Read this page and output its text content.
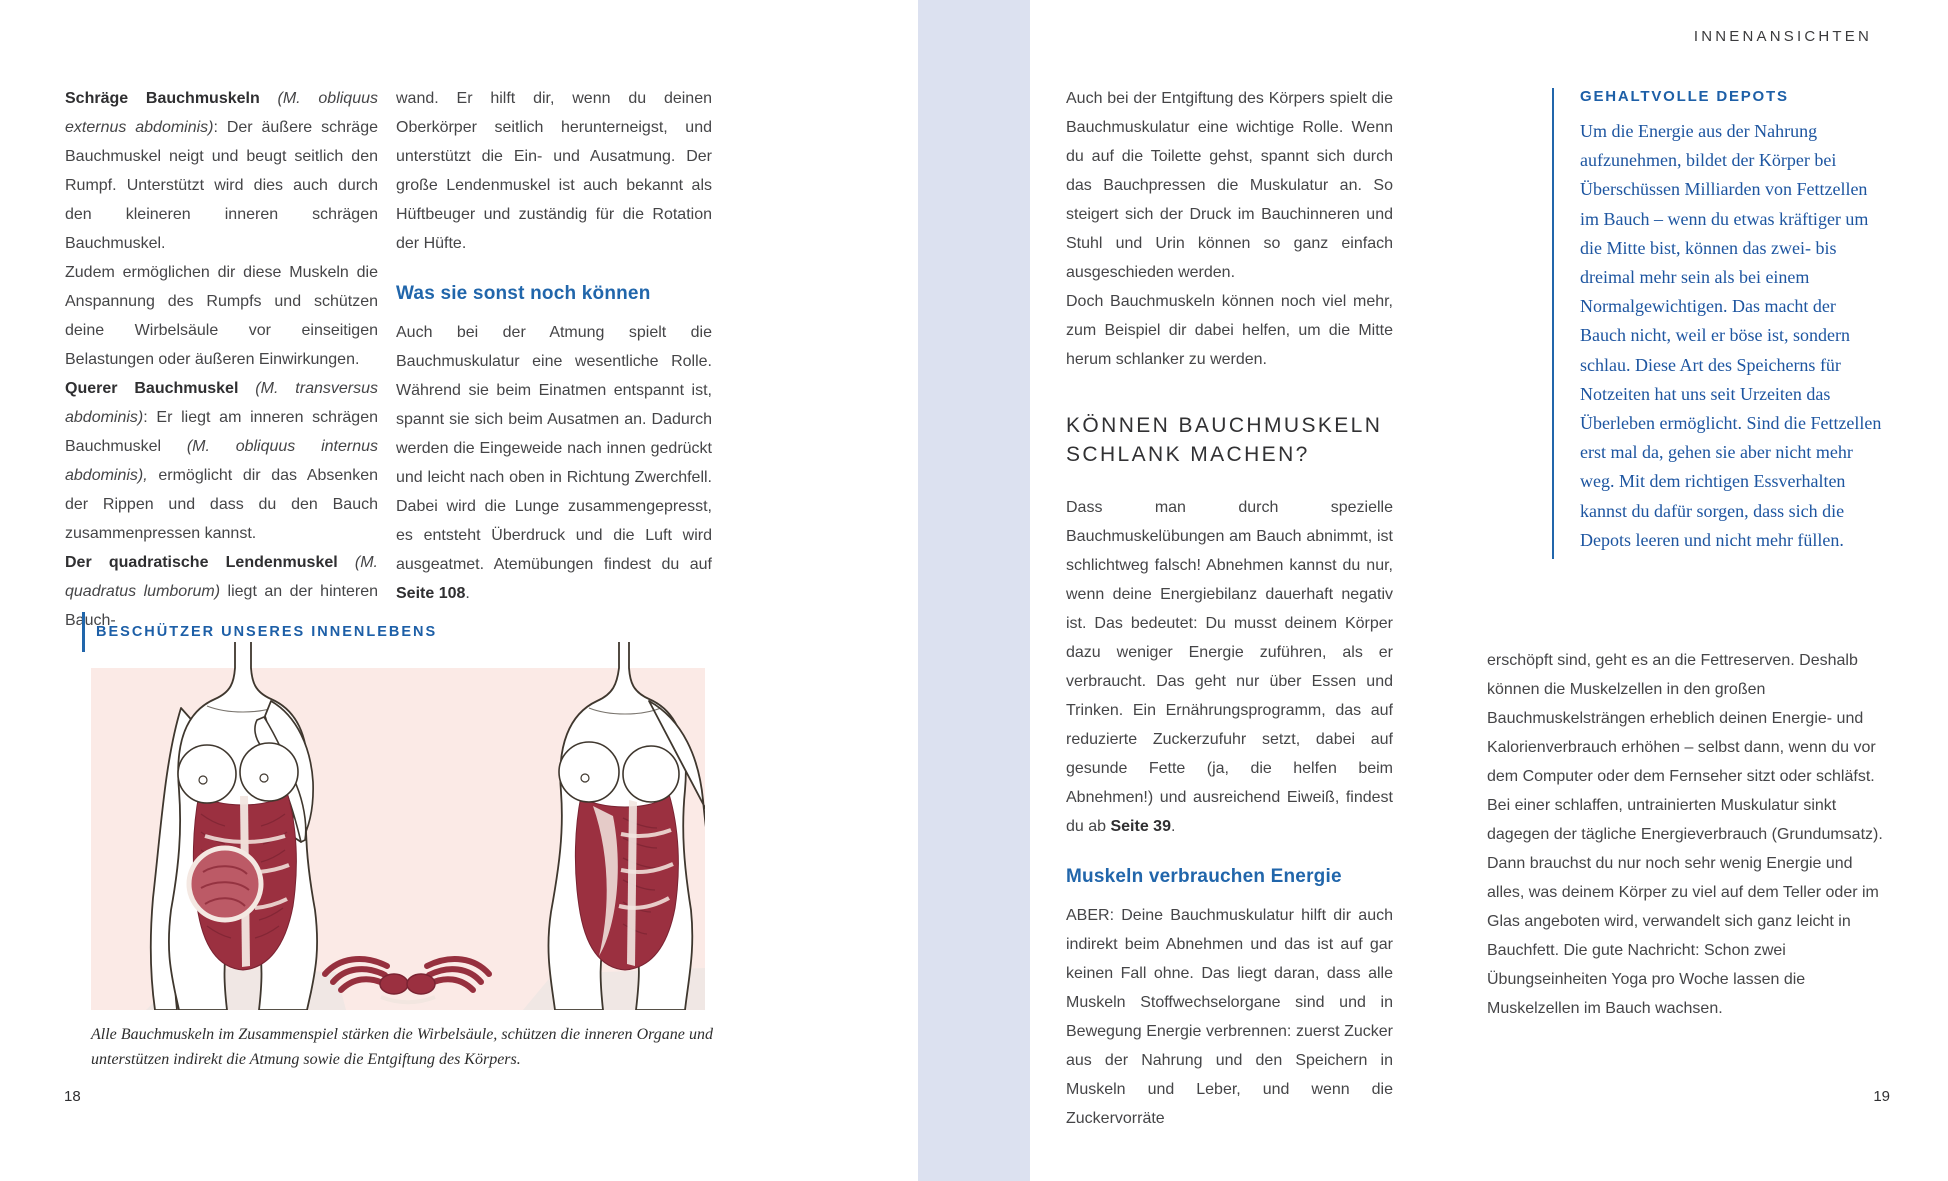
INNENANSICHTEN

Schräge Bauchmuskeln (M. obliquus externus abdominis): Der äußere schräge Bauchmuskel neigt und beugt seitlich den Rumpf. Unterstützt wird dies auch durch den kleineren inneren schrägen Bauchmuskel.

Zudem ermöglichen dir diese Muskeln die Anspannung des Rumpfs und schützen deine Wirbelsäule vor einseitigen Belastungen oder äußeren Einwirkungen.

Querer Bauchmuskel (M. transversus abdominis): Er liegt am inneren schrägen Bauchmuskel (M. obliquus internus abdominis), ermöglicht dir das Absenken der Rippen und dass du den Bauch zusammenpressen kannst.

Der quadratische Lendenmuskel (M. quadratus lumborum) liegt an der hinteren Bauch-

wand. Er hilft dir, wenn du deinen Oberkörper seitlich herunterneigst, und unterstützt die Ein- und Ausatmung. Der große Lendenmuskel ist auch bekannt als Hüftbeuger und zuständig für die Rotation der Hüfte.

Was sie sonst noch können

Auch bei der Atmung spielt die Bauchmuskulatur eine wesentliche Rolle. Während sie beim Einatmen entspannt ist, spannt sie sich beim Ausatmen an. Dadurch werden die Eingeweide nach innen gedrückt und leicht nach oben in Richtung Zwerchfell. Dabei wird die Lunge zusammengepresst, es entsteht Überdruck und die Luft wird ausgeatmet. Atemübungen findest du auf Seite 108.

BESCHÜTZER UNSERES INNENLEBENS

Alle Bauchmuskeln im Zusammenspiel stärken die Wirbelsäule, schützen die inneren Organe und unterstützen indirekt die Atmung sowie die Entgiftung des Körpers.

18

Auch bei der Entgiftung des Körpers spielt die Bauchmuskulatur eine wichtige Rolle. Wenn du auf die Toilette gehst, spannt sich durch das Bauchpressen die Muskulatur an. So steigert sich der Druck im Bauchinneren und Stuhl und Urin können so ganz einfach ausgeschieden werden.

Doch Bauchmuskeln können noch viel mehr, zum Beispiel dir dabei helfen, um die Mitte herum schlanker zu werden.

KÖNNEN BAUCHMUSKELN SCHLANK MACHEN?

Dass man durch spezielle Bauchmuskelübungen am Bauch abnimmt, ist schlichtweg falsch! Abnehmen kannst du nur, wenn deine Energiebilanz dauerhaft negativ ist. Das bedeutet: Du musst deinem Körper dazu weniger Energie zuführen, als er verbraucht. Das geht nur über Essen und Trinken. Ein Ernährungsprogramm, das auf reduzierte Zuckerzufuhr setzt, dabei auf gesunde Fette (ja, die helfen beim Abnehmen!) und ausreichend Eiweiß, findest du ab Seite 39.

Muskeln verbrauchen Energie

ABER: Deine Bauchmuskulatur hilft dir auch indirekt beim Abnehmen und das ist auf gar keinen Fall ohne. Das liegt daran, dass alle Muskeln Stoffwechselorgane sind und in Bewegung Energie verbrennen: zuerst Zucker aus der Nahrung und den Speichern in Muskeln und Leber, und wenn die Zuckervorräte

GEHALTVOLLE DEPOTS

Um die Energie aus der Nahrung aufzunehmen, bildet der Körper bei Überschüssen Milliarden von Fettzellen im Bauch – wenn du etwas kräftiger um die Mitte bist, können das zwei- bis dreimal mehr sein als bei einem Normalgewichtigen. Das macht der Bauch nicht, weil er böse ist, sondern schlau. Diese Art des Speicherns für Notzeiten hat uns seit Urzeiten das Überleben ermöglicht. Sind die Fettzellen erst mal da, gehen sie aber nicht mehr weg. Mit dem richtigen Essverhalten kannst du dafür sorgen, dass sich die Depots leeren und nicht mehr füllen.

erschöpft sind, geht es an die Fettreserven. Deshalb können die Muskelzellen in den großen Bauchmuskelsträngen erheblich deinen Energie- und Kalorienverbrauch erhöhen – selbst dann, wenn du vor dem Computer oder dem Fernseher sitzt oder schläfst. Bei einer schlaffen, untrainierten Muskulatur sinkt dagegen der tägliche Energieverbrauch (Grundumsatz). Dann brauchst du nur noch sehr wenig Energie und alles, was deinem Körper zu viel auf dem Teller oder im Glas angeboten wird, verwandelt sich ganz leicht in Bauchfett. Die gute Nachricht: Schon zwei Übungseinheiten Yoga pro Woche lassen die Muskelzellen im Bauch wachsen.

19
